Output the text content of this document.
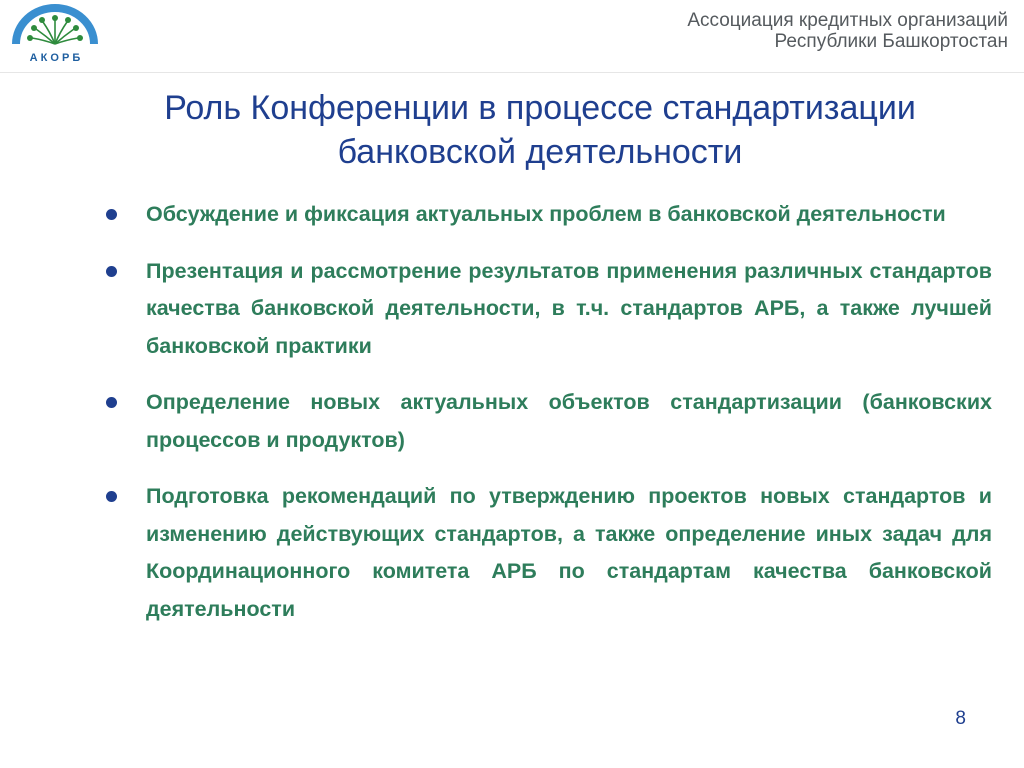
А К О Р Б
Ассоциация кредитных организаций
Республики Башкортостан
Роль Конференции в процессе стандартизации
банковской деятельности
Обсуждение и фиксация актуальных проблем в банковской деятельности
Презентация и рассмотрение результатов применения различных стандартов качества банковской деятельности, в т.ч. стандартов АРБ, а также лучшей банковской практики
Определение новых актуальных объектов стандартизации (банковских процессов и продуктов)
Подготовка рекомендаций по утверждению проектов новых стандартов и изменению действующих стандартов, а также определение иных задач для Координационного комитета АРБ по стандартам качества банковской деятельности
8
